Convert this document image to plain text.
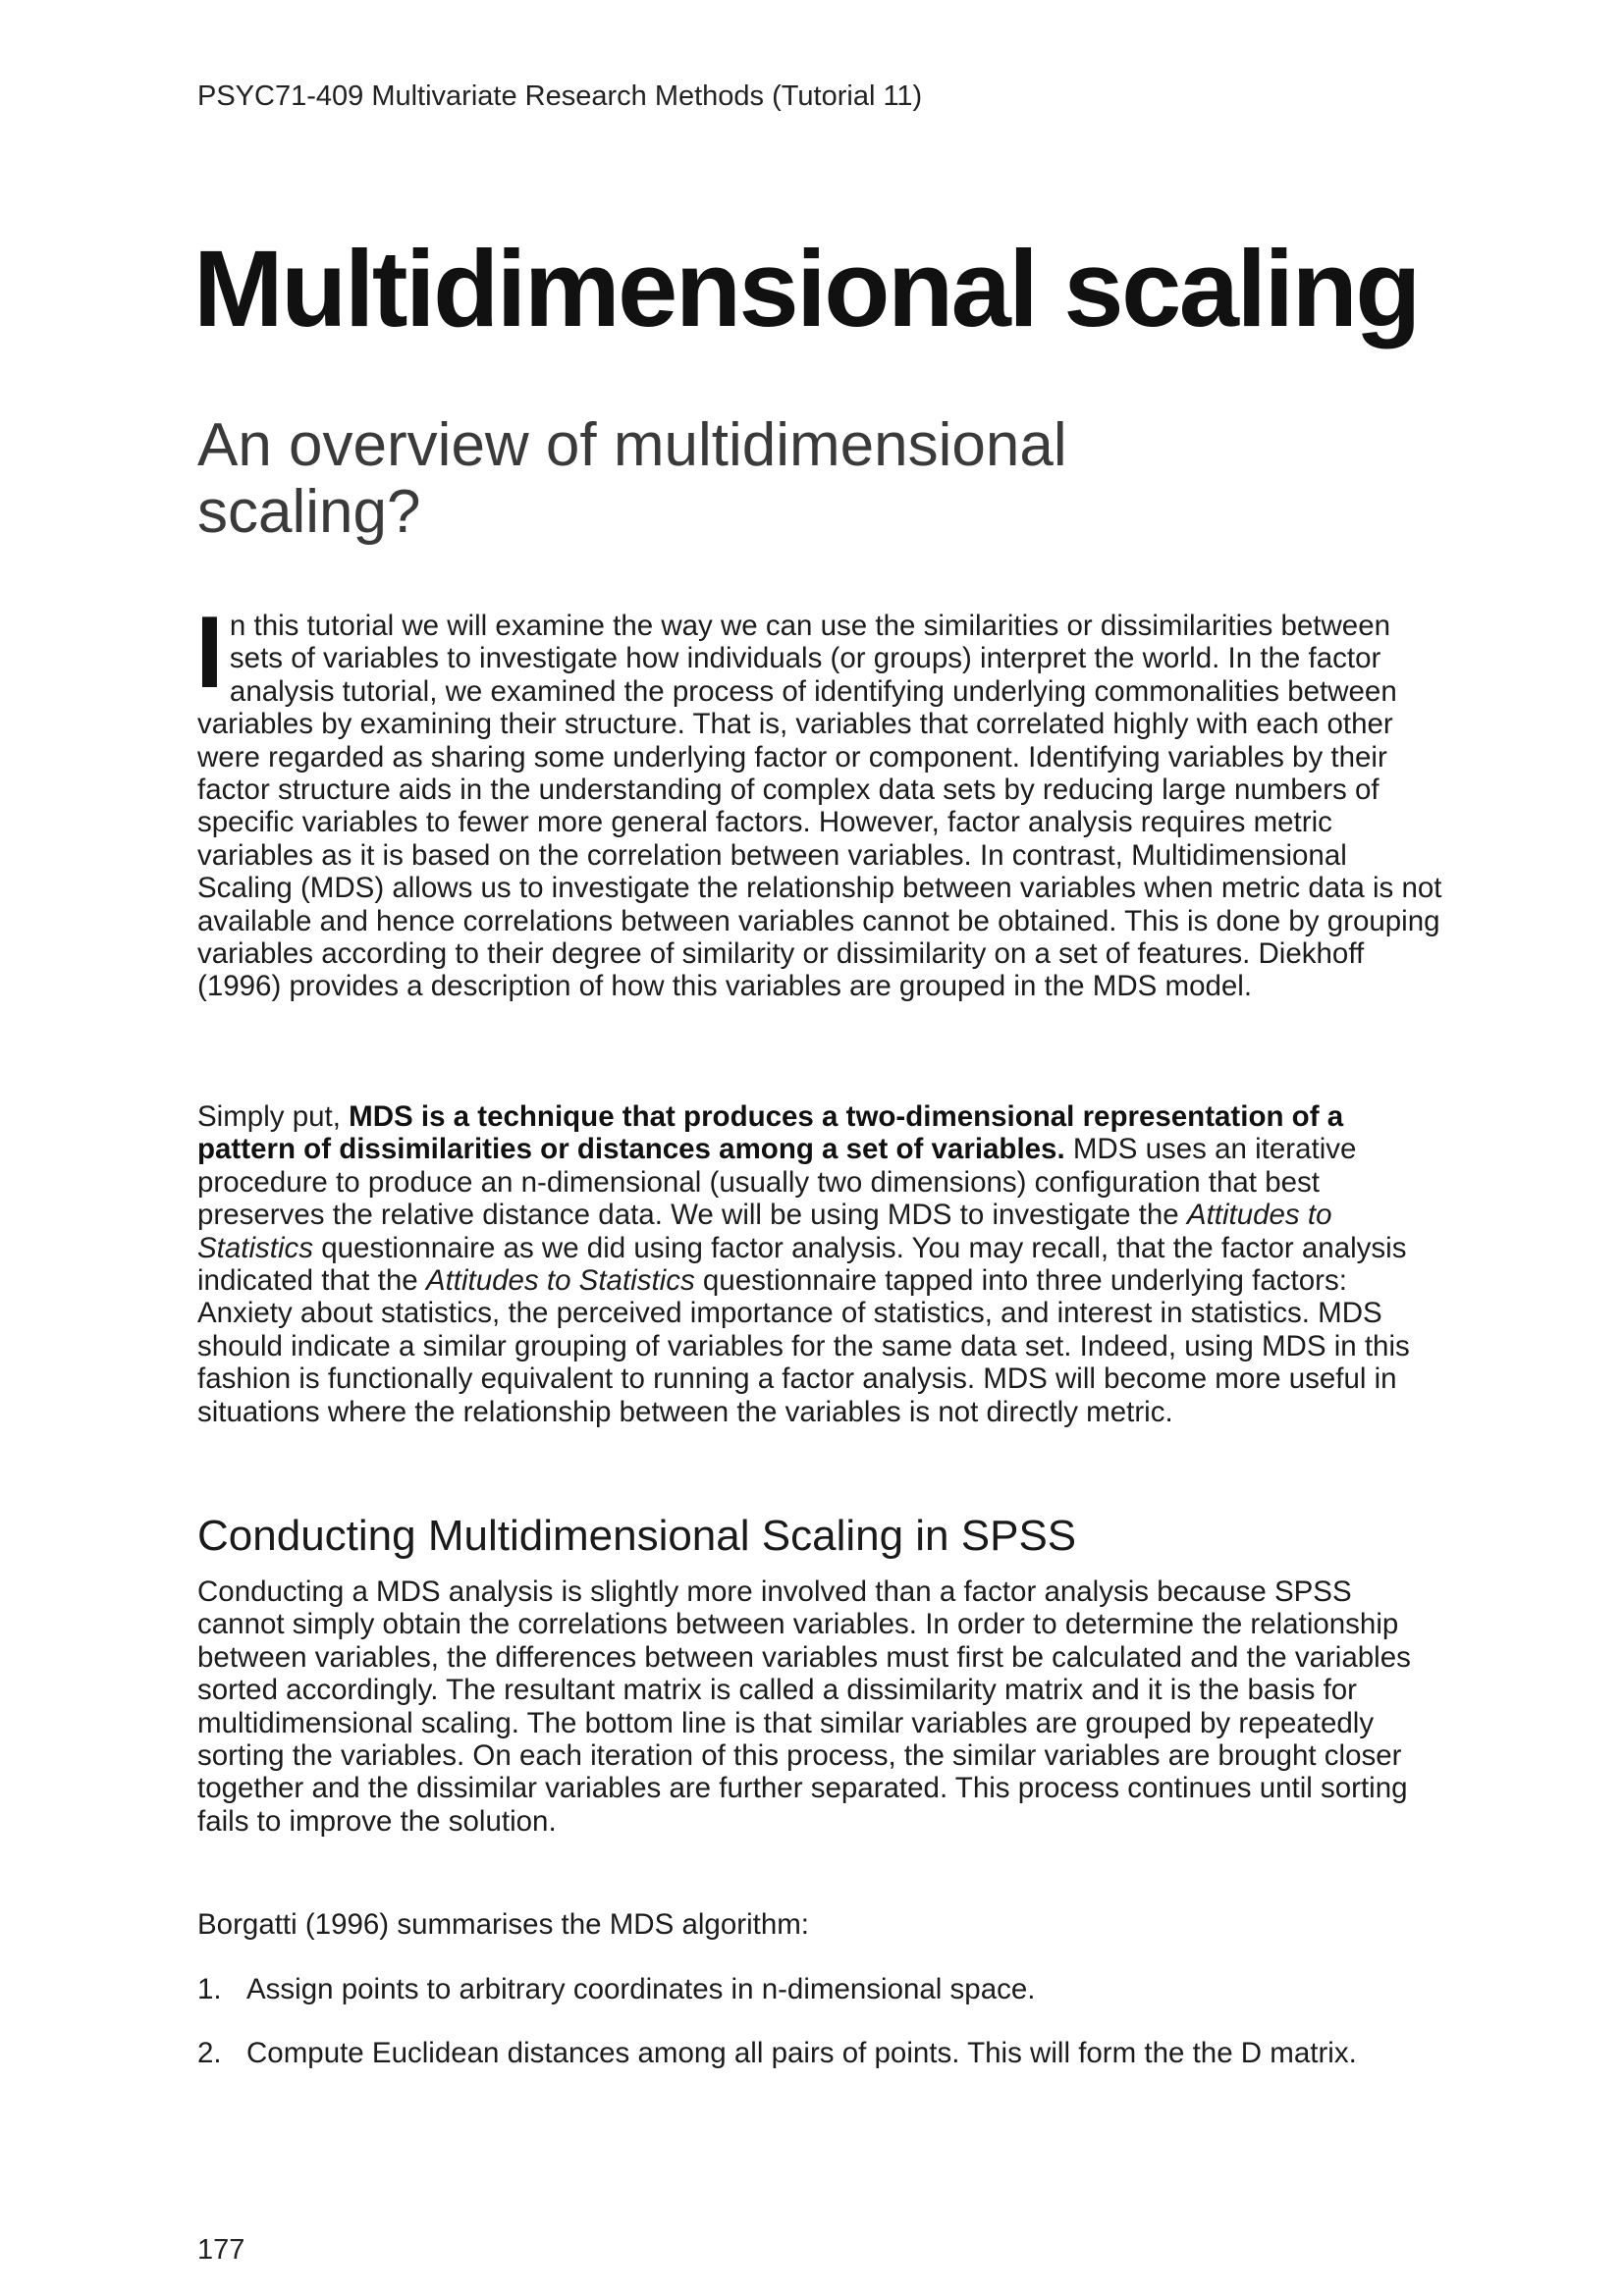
PSYC71-409 Multivariate Research Methods (Tutorial 11)
Multidimensional scaling
An overview of multidimensional scaling?

In this tutorial we will examine the way we can use the similarities or dissimilarities between sets of variables to investigate how individuals (or groups) interpret the world. In the factor analysis tutorial, we examined the process of identifying underlying commonalities between variables by examining their structure. That is, variables that correlated highly with each other were regarded as sharing some underlying factor or component. Identifying variables by their factor structure aids in the understanding of complex data sets by reducing large numbers of specific variables to fewer more general factors. However, factor analysis requires metric variables as it is based on the correlation between variables. In contrast, Multidimensional Scaling (MDS) allows us to investigate the relationship between variables when metric data is not available and hence correlations between variables cannot be obtained. This is done by grouping variables according to their degree of similarity or dissimilarity on a set of features. Diekhoff (1996) provides a description of how this variables are grouped in the MDS model.

Simply put, MDS is a technique that produces a two-dimensional representation of a pattern of dissimilarities or distances among a set of variables. MDS uses an iterative procedure to produce an n-dimensional (usually two dimensions) configuration that best preserves the relative distance data. We will be using MDS to investigate the Attitudes to Statistics questionnaire as we did using factor analysis. You may recall, that the factor analysis indicated that the Attitudes to Statistics questionnaire tapped into three underlying factors: Anxiety about statistics, the perceived importance of statistics, and interest in statistics. MDS should indicate a similar grouping of variables for the same data set. Indeed, using MDS in this fashion is functionally equivalent to running a factor analysis. MDS will become more useful in situations where the relationship between the variables is not directly metric.

Conducting Multidimensional Scaling in SPSS

Conducting a MDS analysis is slightly more involved than a factor analysis because SPSS cannot simply obtain the correlations between variables. In order to determine the relationship between variables, the differences between variables must first be calculated and the variables sorted accordingly. The resultant matrix is called a dissimilarity matrix and it is the basis for multidimensional scaling. The bottom line is that similar variables are grouped by repeatedly sorting the variables. On each iteration of this process, the similar variables are brought closer together and the dissimilar variables are further separated. This process continues until sorting fails to improve the solution.

Borgatti (1996) summarises the MDS algorithm:

1. Assign points to arbitrary coordinates in n-dimensional space.
2. Compute Euclidean distances among all pairs of points. This will form the the D matrix.
177
